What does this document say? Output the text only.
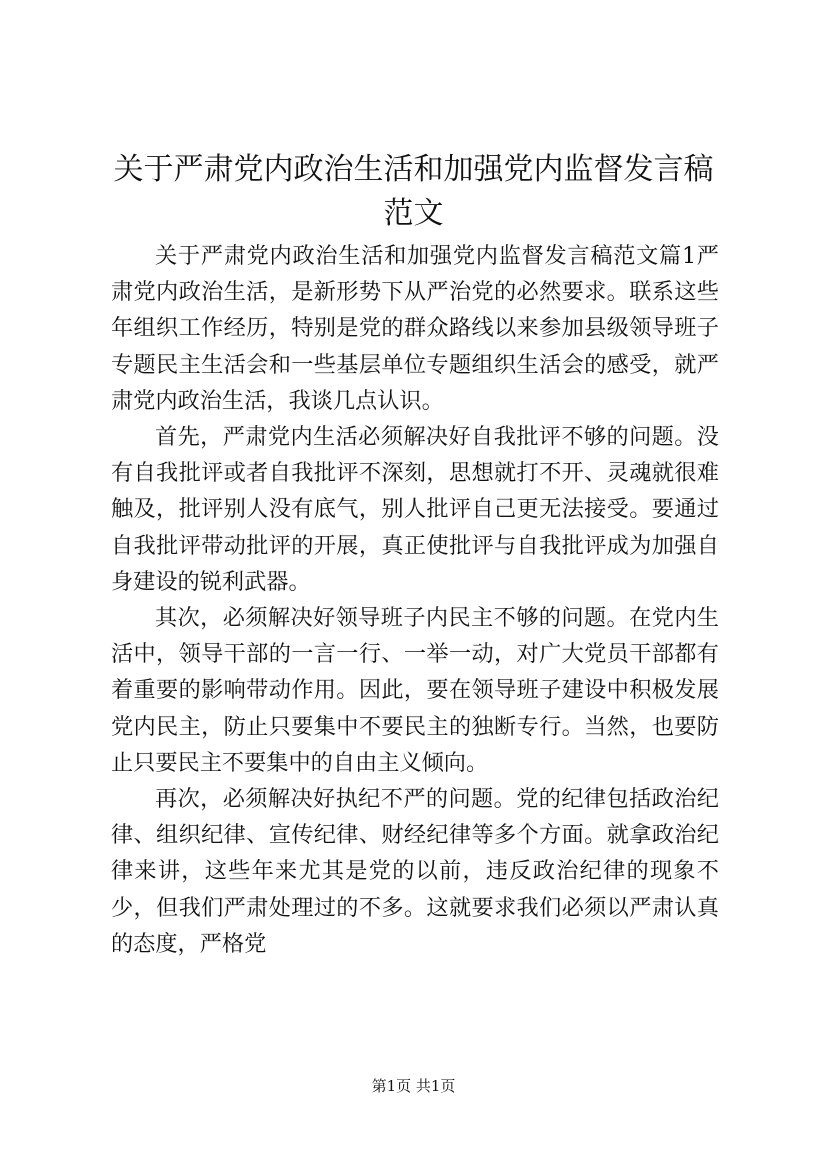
关于严肃党内政治生活和加强党内监督发言稿
范文

关于严肃党内政治生活和加强党内监督发言稿范文篇1严肃党内政治生活，是新形势下从严治党的必然要求。联系这些年组织工作经历，特别是党的群众路线以来参加县级领导班子专题民主生活会和一些基层单位专题组织生活会的感受，就严肃党内政治生活，我谈几点认识。

首先，严肃党内生活必须解决好自我批评不够的问题。没有自我批评或者自我批评不深刻，思想就打不开、灵魂就很难触及，批评别人没有底气，别人批评自己更无法接受。要通过自我批评带动批评的开展，真正使批评与自我批评成为加强自身建设的锐利武器。

其次，必须解决好领导班子内民主不够的问题。在党内生活中，领导干部的一言一行、一举一动，对广大党员干部都有着重要的影响带动作用。因此，要在领导班子建设中积极发展党内民主，防止只要集中不要民主的独断专行。当然，也要防止只要民主不要集中的自由主义倾向。

再次，必须解决好执纪不严的问题。党的纪律包括政治纪律、组织纪律、宣传纪律、财经纪律等多个方面。就拿政治纪律来讲，这些年来尤其是党的以前，违反政治纪律的现象不少，但我们严肃处理过的不多。这就要求我们必须以严肃认真的态度，严格党

第1页 共1页
